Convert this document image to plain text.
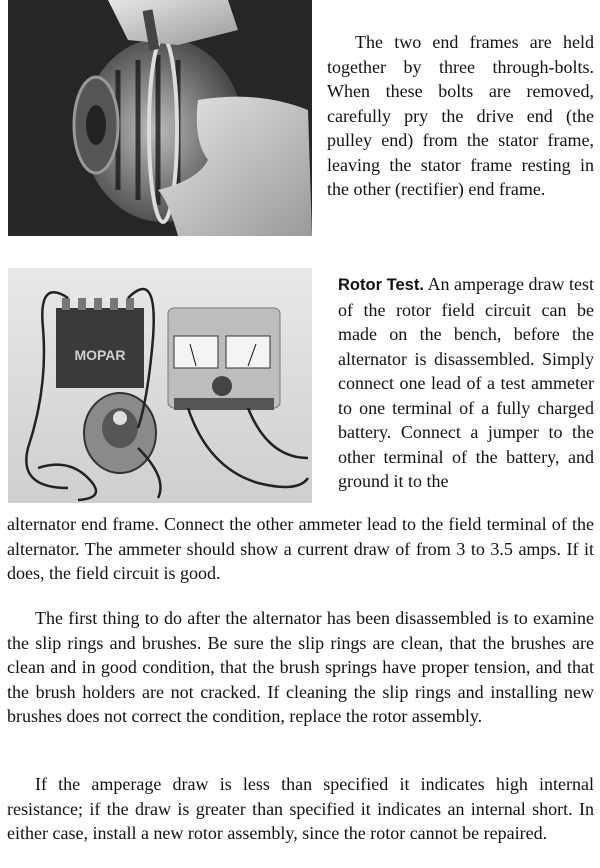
The two end frames are held together by three through-bolts. When these bolts are removed, carefully pry the drive end (the pulley end) from the stator frame, leaving the stator frame resting in the other (rectifier) end frame.
MOPAR

Rotor Test. An amperage draw test of the rotor field circuit can be made on the bench, before the alternator is disassembled. Simply connect one lead of a test ammeter to one terminal of a fully charged battery. Connect a jumper to the other terminal of the battery, and ground it to the

alternator end frame. Connect the other ammeter lead to the field terminal of the alternator. The ammeter should show a current draw of from 3 to 3.5 amps. If it does, the field circuit is good.

The first thing to do after the alternator has been disassembled is to examine the slip rings and brushes. Be sure the slip rings are clean, that the brushes are clean and in good condition, that the brush springs have proper tension, and that the brush holders are not cracked. If cleaning the slip rings and installing new brushes does not correct the condition, replace the rotor assembly.

If the amperage draw is less than specified it indicates high internal resistance; if the draw is greater than specified it indicates an internal short. In either case, install a new rotor assembly, since the rotor cannot be repaired.
